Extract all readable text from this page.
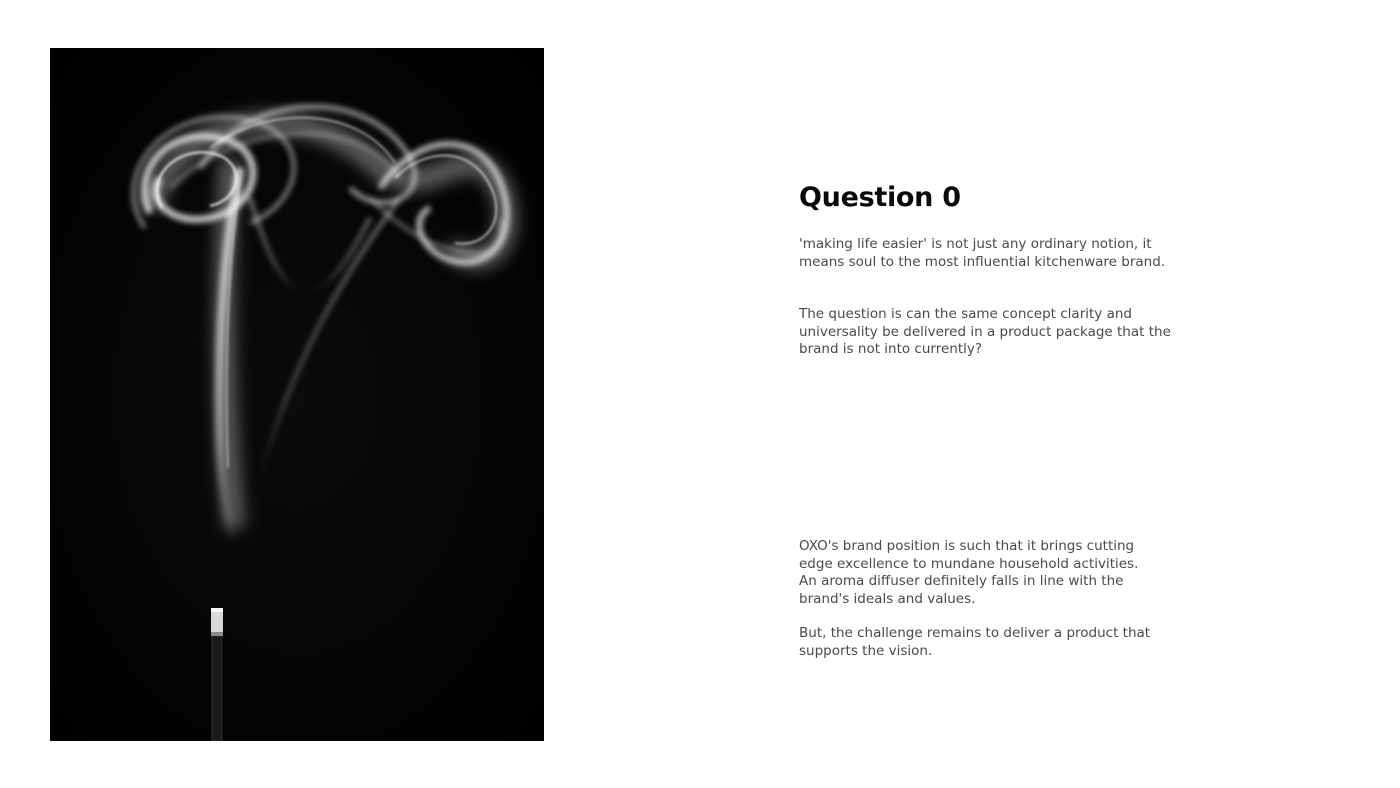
Question 0

'making life easier' is not just any ordinary notion, it
means soul to the most influential kitchenware brand.

The question is can the same concept clarity and
universality be delivered in a product package that the
brand is not into currently?

OXO's brand position is such that it brings cutting
edge excellence to mundane household activities.
An aroma diffuser definitely falls in line with the
brand's ideals and values.

But, the challenge remains to deliver a product that
supports the vision.
